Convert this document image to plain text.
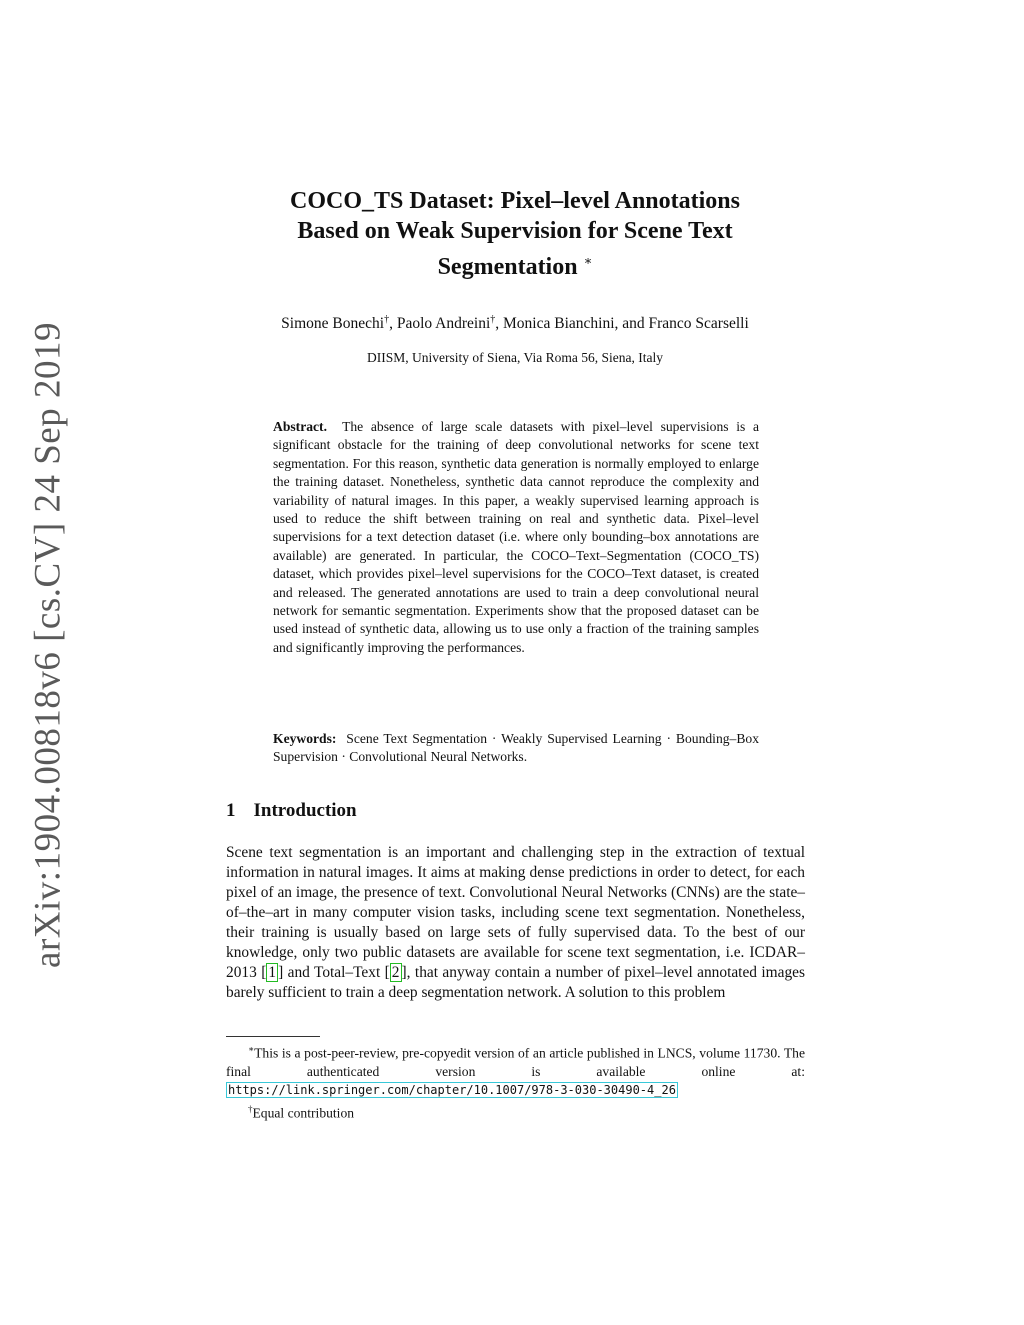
arXiv:1904.00818v6 [cs.CV] 24 Sep 2019
COCO_TS Dataset: Pixel–level Annotations
Based on Weak Supervision for Scene Text
Segmentation ∗
Simone Bonechi†, Paolo Andreini†, Monica Bianchini, and Franco Scarselli
DIISM, University of Siena, Via Roma 56, Siena, Italy
Abstract. The absence of large scale datasets with pixel–level supervisions is a significant obstacle for the training of deep convolutional networks for scene text segmentation. For this reason, synthetic data generation is normally employed to enlarge the training dataset. Nonetheless, synthetic data cannot reproduce the complexity and variability of natural images. In this paper, a weakly supervised learning approach is used to reduce the shift between training on real and synthetic data. Pixel–level supervisions for a text detection dataset (i.e. where only bounding–box annotations are available) are generated. In particular, the COCO–Text–Segmentation (COCO_TS) dataset, which provides pixel–level supervisions for the COCO–Text dataset, is created and released. The generated annotations are used to train a deep convolutional neural network for semantic segmentation. Experiments show that the proposed dataset can be used instead of synthetic data, allowing us to use only a fraction of the training samples and significantly improving the performances.
Keywords: Scene Text Segmentation · Weakly Supervised Learning · Bounding–Box Supervision · Convolutional Neural Networks.
1 Introduction
Scene text segmentation is an important and challenging step in the extraction of textual information in natural images. It aims at making dense predictions in order to detect, for each pixel of an image, the presence of text. Convolutional Neural Networks (CNNs) are the state–of–the–art in many computer vision tasks, including scene text segmentation. Nonetheless, their training is usually based on large sets of fully supervised data. To the best of our knowledge, only two public datasets are available for scene text segmentation, i.e. ICDAR–2013 [ 1 ] and Total–Text [ 2 ], that anyway contain a number of pixel–level annotated images barely sufficient to train a deep segmentation network. A solution to this problem
∗This is a post-peer-review, pre-copyedit version of an article published in LNCS, volume 11730. The final authenticated version is available online at: https://link.springer.com/chapter/10.1007/978-3-030-30490-4_26
†Equal contribution
